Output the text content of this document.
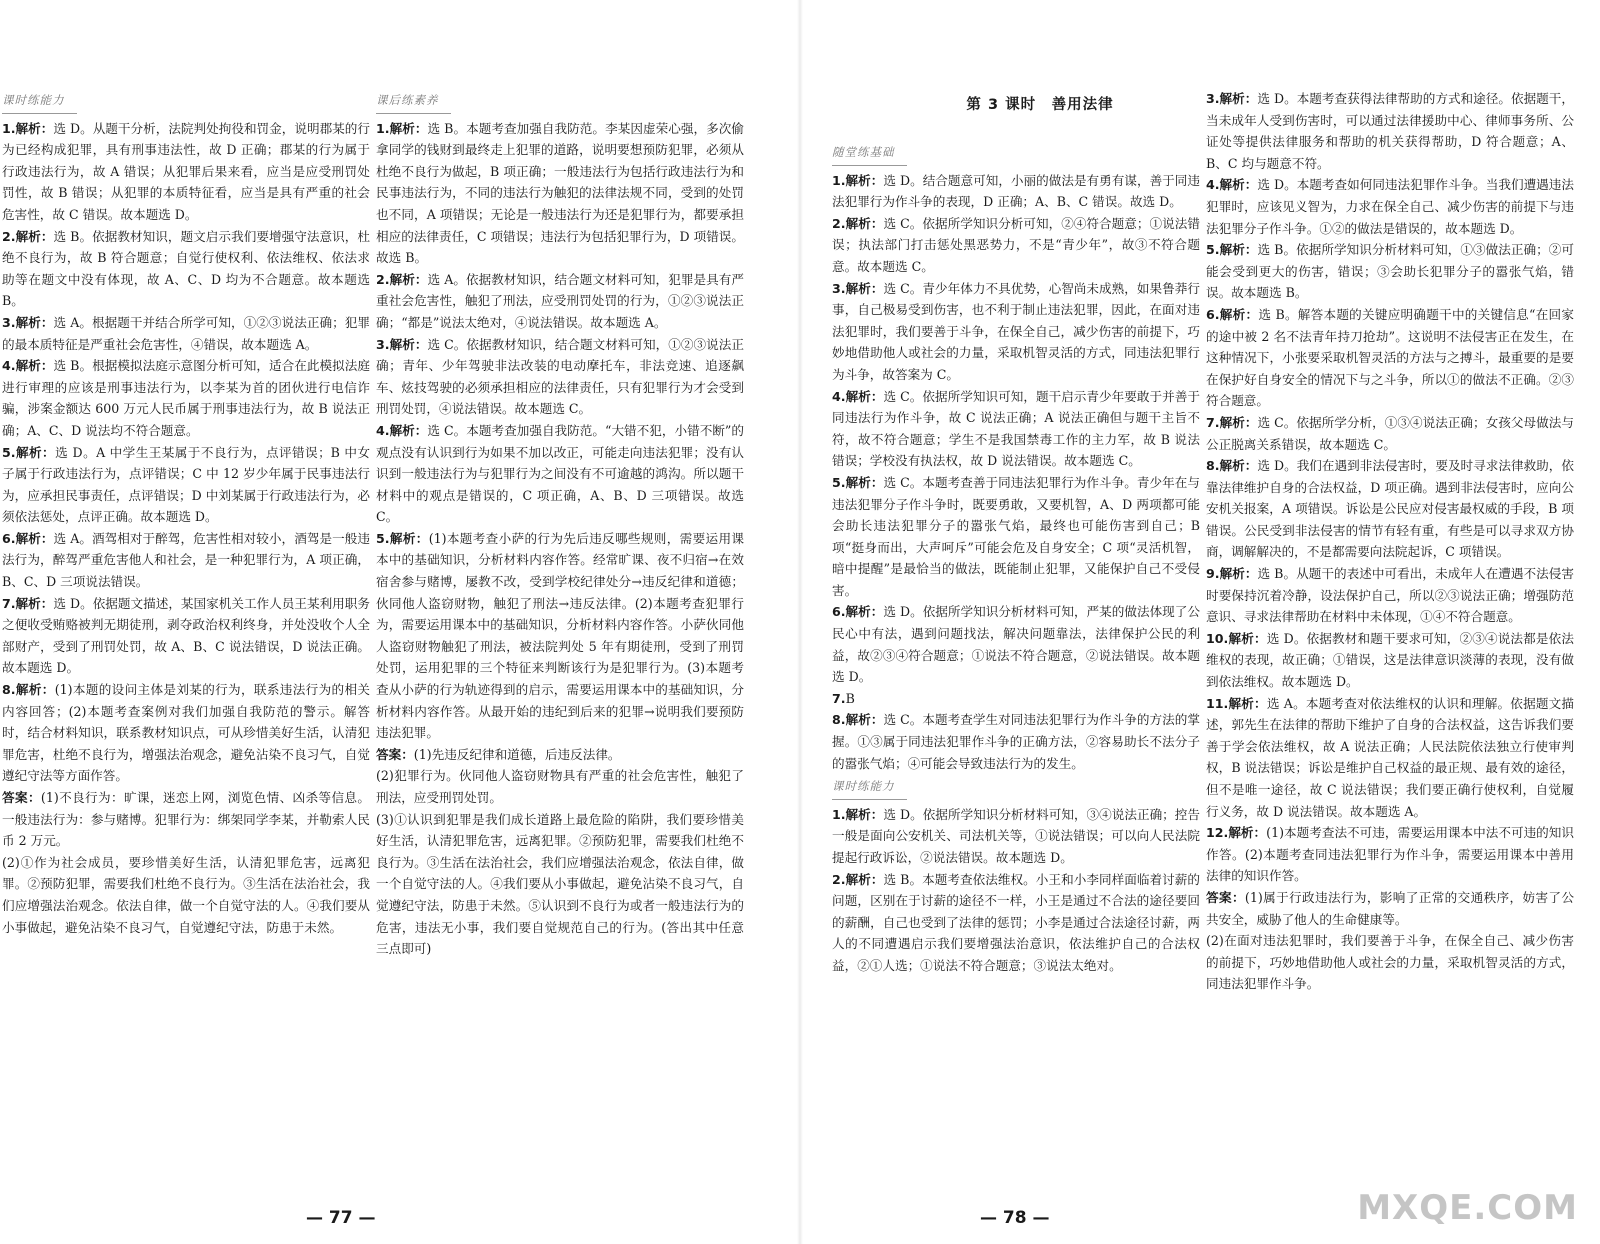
课时练能力

1.解析：选 D。从题干分析，法院判处拘役和罚金，说明郡某的行为已经构成犯罪，具有刑事违法性，故 D 正确；郡某的行为属于行政违法行为，故 A 错误；从犯罪后果来看，应当是应受刑罚处罚性，故 B 错误；从犯罪的本质特征看，应当是具有严重的社会危害性，故 C 错误。故本题选 D。

2.解析：选 B。依据教材知识，题文启示我们要增强守法意识，杜绝不良行为，故 B 符合题意；自觉行使权利、依法维权、依法求助等在题文中没有体现，故 A、C、D 均为不合题意。故本题选 B。

3.解析：选 A。根据题干并结合所学可知，①②③说法正确；犯罪的最本质特征是严重社会危害性，④错误，故本题选 A。

4.解析：选 B。根据模拟法庭示意图分析可知，适合在此模拟法庭进行审理的应该是刑事违法行为，以李某为首的团伙进行电信诈骗，涉案金额达 600 万元人民币属于刑事违法行为，故 B 说法正确；A、C、D 说法均不符合题意。

5.解析：选 D。A 中学生王某属于不良行为，点评错误；B 中女子属于行政违法行为，点评错误；C 中 12 岁少年属于民事违法行为，应承担民事责任，点评错误；D 中刘某属于行政违法行为，必须依法惩处，点评正确。故本题选 D。

6.解析：选 A。酒驾相对于醉驾，危害性相对较小，酒驾是一般违法行为，醉驾严重危害他人和社会，是一种犯罪行为，A 项正确，B、C、D 三项说法错误。

7.解析：选 D。依据题文描述，某国家机关工作人员王某利用职务之便收受贿赂被判无期徒刑，剥夺政治权利终身，并处没收个人全部财产，受到了刑罚处罚，故 A、B、C 说法错误，D 说法正确。故本题选 D。

8.解析：(1)本题的设问主体是刘某的行为，联系违法行为的相关内容回答；(2)本题考查案例对我们加强自我防范的警示。解答时，结合材料知识，联系教材知识点，可从珍惜美好生活，认清犯罪危害，杜绝不良行为，增强法治观念，避免沾染不良习气，自觉遵纪守法等方面作答。

答案：(1)不良行为：旷课，迷恋上网，浏览色情、凶杀等信息。一般违法行为：参与赌博。犯罪行为：绑架同学李某，并勒索人民币 2 万元。

(2)①作为社会成员，要珍惜美好生活，认清犯罪危害，远离犯罪。②预防犯罪，需要我们杜绝不良行为。③生活在法治社会，我们应增强法治观念。依法自律，做一个自觉守法的人。④我们要从小事做起，避免沾染不良习气，自觉遵纪守法，防患于未然。

课后练素养

1.解析：选 B。本题考查加强自我防范。李某因虚荣心强，多次偷拿同学的钱财到最终走上犯罪的道路，说明要想预防犯罪，必须从杜绝不良行为做起，B 项正确；一般违法行为包括行政违法行为和民事违法行为，不同的违法行为触犯的法律法规不同，受到的处罚也不同，A 项错误；无论是一般违法行为还是犯罪行为，都要承担相应的法律责任，C 项错误；违法行为包括犯罪行为，D 项错误。故选 B。

2.解析：选 A。依据教材知识，结合题文材料可知，犯罪是具有严重社会危害性，触犯了刑法，应受刑罚处罚的行为，①②③说法正确；“都是”说法太绝对，④说法错误。故本题选 A。

3.解析：选 C。依据教材知识，结合题文材料可知，①②③说法正确；青年、少年驾驶非法改装的电动摩托车，非法竞速、追逐飙车、炫技驾驶的必须承担相应的法律责任，只有犯罪行为才会受到刑罚处罚，④说法错误。故本题选 C。

4.解析：选 C。本题考查加强自我防范。“大错不犯，小错不断”的观点没有认识到行为如果不加以改正，可能走向违法犯罪；没有认识到一般违法行为与犯罪行为之间没有不可逾越的鸿沟。所以题干材料中的观点是错误的，C 项正确，A、B、D 三项错误。故选 C。

5.解析：(1)本题考查小萨的行为先后违反哪些规则，需要运用课本中的基础知识，分析材料内容作答。经常旷课、夜不归宿→在效宿舍参与赌博，屡教不改，受到学校纪律处分→违反纪律和道德；伙同他人盗窃财物，触犯了刑法→违反法律。(2)本题考查犯罪行为，需要运用课本中的基础知识，分析材料内容作答。小萨伙同他人盗窃财物触犯了刑法，被法院判处 5 年有期徒刑，受到了刑罚处罚，运用犯罪的三个特征来判断该行为是犯罪行为。(3)本题考查从小萨的行为轨迹得到的启示，需要运用课本中的基础知识，分析材料内容作答。从最开始的违纪到后来的犯罪→说明我们要预防违法犯罪。

答案：(1)先违反纪律和道德，后违反法律。

(2)犯罪行为。伙同他人盗窃财物具有严重的社会危害性，触犯了刑法，应受刑罚处罚。

(3)①认识到犯罪是我们成长道路上最危险的陷阱，我们要珍惜美好生活，认清犯罪危害，远离犯罪。②预防犯罪，需要我们杜绝不良行为。③生活在法治社会，我们应增强法治观念，依法自律，做一个自觉守法的人。④我们要从小事做起，避免沾染不良习气，自觉遵纪守法，防患于未然。⑤认识到不良行为或者一般违法行为的危害，违法无小事，我们要自觉规范自己的行为。(答出其中任意三点即可)

— 77 —
第 3 课时　善用法律
随堂练基础

1.解析：选 D。结合题意可知，小丽的做法是有勇有谋，善于同违法犯罪行为作斗争的表现，D 正确；A、B、C 错误。故选 D。

2.解析：选 C。依据所学知识分析可知，②④符合题意；①说法错误；执法部门打击惩处黑恶势力，不是“青少年”，故③不符合题意。故本题选 C。

3.解析：选 C。青少年体力不具优势，心智尚未成熟，如果鲁莽行事，自己极易受到伤害，也不利于制止违法犯罪，因此，在面对违法犯罪时，我们要善于斗争，在保全自己，减少伤害的前提下，巧妙地借助他人或社会的力量，采取机智灵活的方式，同违法犯罪行为斗争，故答案为 C。

4.解析：选 C。依据所学知识可知，题干启示青少年要敢于并善于同违法行为作斗争，故 C 说法正确；A 说法正确但与题干主旨不符，故不符合题意；学生不是我国禁毒工作的主力军，故 B 说法错误；学校没有执法权，故 D 说法错误。故本题选 C。

5.解析：选 C。本题考查善于同违法犯罪行为作斗争。青少年在与违法犯罪分子作斗争时，既要勇敢，又要机智，A、D 两项都可能会助长违法犯罪分子的嚣张气焰，最终也可能伤害到自己；B 项“挺身而出，大声呵斥”可能会危及自身安全；C 项“灵活机智，暗中提醒”是最恰当的做法，既能制止犯罪，又能保护自己不受侵害。

6.解析：选 D。依据所学知识分析材料可知，严某的做法体现了公民心中有法，遇到问题找法，解决问题靠法，法律保护公民的利益，故②③④符合题意；①说法不符合题意，②说法错误。故本题选 D。

7.B

8.解析：选 C。本题考查学生对同违法犯罪行为作斗争的方法的掌握。①③属于同违法犯罪作斗争的正确方法，②容易助长不法分子的嚣张气焰；④可能会导致违法行为的发生。

课时练能力

1.解析：选 D。依据所学知识分析材料可知，③④说法正确；控告一般是面向公安机关、司法机关等，①说法错误；可以向人民法院提起行政诉讼，②说法错误。故本题选 D。

2.解析：选 B。本题考查依法维权。小王和小李同样面临着讨薪的问题，区别在于讨薪的途径不一样，小王是通过不合法的途径要回的薪酬，自己也受到了法律的惩罚；小李是通过合法途径讨薪，两人的不同遭遇启示我们要增强法治意识，依法维护自己的合法权益，②①人选；①说法不符合题意；③说法太绝对。

3.解析：选 D。本题考查获得法律帮助的方式和途径。依据题干，当未成年人受到伤害时，可以通过法律援助中心、律师事务所、公证处等提供法律服务和帮助的机关获得帮助，D 符合题意；A、B、C 均与题意不符。

4.解析：选 D。本题考查如何同违法犯罪作斗争。当我们遭遇违法犯罪时，应该见义智为，力求在保全自己、减少伤害的前提下与违法犯罪分子作斗争。①②的做法是错误的，故本题选 D。

5.解析：选 B。依据所学知识分析材料可知，①③做法正确；②可能会受到更大的伤害，错误；③会助长犯罪分子的嚣张气焰，错误。故本题选 B。

6.解析：选 B。解答本题的关键应明确题干中的关键信息“在回家的途中被 2 名不法青年持刀抢劫”。这说明不法侵害正在发生，在这种情况下，小张要采取机智灵活的方法与之搏斗，最重要的是要在保护好自身安全的情况下与之斗争，所以①的做法不正确。②③符合题意。

7.解析：选 C。依据所学分析，①③④说法正确；女孩父母做法与公正脱离关系错误，故本题选 C。

8.解析：选 D。我们在遇到非法侵害时，要及时寻求法律救助，依靠法律维护自身的合法权益，D 项正确。遇到非法侵害时，应向公安机关报案，A 项错误。诉讼是公民应对侵害最权威的手段，B 项错误。公民受到非法侵害的情节有轻有重，有些是可以寻求双方协商，调解解决的，不是都需要向法院起诉，C 项错误。

9.解析：选 B。从题干的表述中可看出，未成年人在遭遇不法侵害时要保持沉着冷静，设法保护自己，所以②③说法正确；增强防范意识、寻求法律帮助在材料中未体现，①④不符合题意。

10.解析：选 D。依据教材和题干要求可知，②③④说法都是依法维权的表现，故正确；①错误，这是法律意识淡薄的表现，没有做到依法维权。故本题选 D。

11.解析：选 A。本题考查对依法维权的认识和理解。依据题文描述，郭先生在法律的帮助下维护了自身的合法权益，这告诉我们要善于学会依法维权，故 A 说法正确；人民法院依法独立行使审判权，B 说法错误；诉讼是维护自己权益的最正规、最有效的途径，但不是唯一途径，故 C 说法错误；我们要正确行使权利，自觉履行义务，故 D 说法错误。故本题选 A。

12.解析：(1)本题考查法不可违，需要运用课本中法不可违的知识作答。(2)本题考查同违法犯罪行为作斗争，需要运用课本中善用法律的知识作答。

答案：(1)属于行政违法行为，影响了正常的交通秩序，妨害了公共安全，威胁了他人的生命健康等。

(2)在面对违法犯罪时，我们要善于斗争，在保全自己、减少伤害的前提下，巧妙地借助他人或社会的力量，采取机智灵活的方式，同违法犯罪作斗争。

— 78 —	MXQE.COM
